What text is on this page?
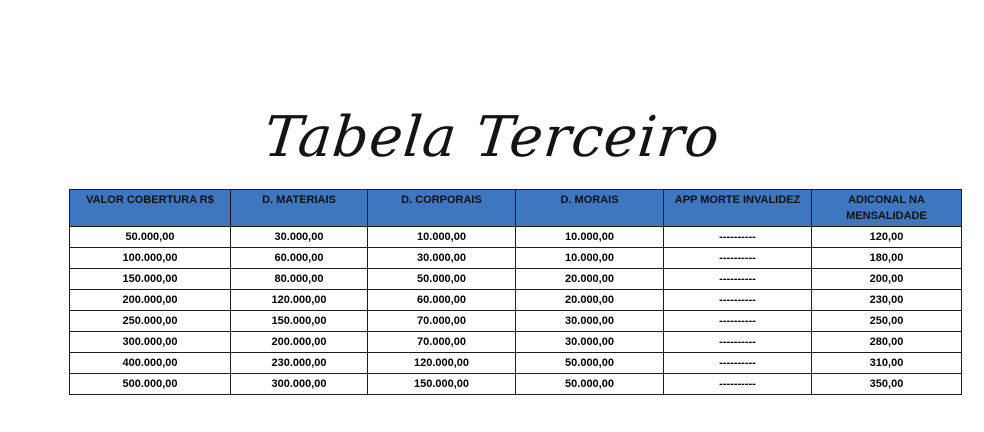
Tabela Terceiro
VALOR COBERTURA R$	D. MATERIAIS	D. CORPORAIS	D. MORAIS	APP MORTE INVALIDEZ	ADICONAL NA MENSALIDADE
50.000,00	30.000,00	10.000,00	10.000,00	----------	120,00
100.000,00	60.000,00	30.000,00	10.000,00	----------	180,00
150.000,00	80.000,00	50.000,00	20.000,00	----------	200,00
200.000,00	120.000,00	60.000,00	20.000,00	----------	230,00
250.000,00	150.000,00	70.000,00	30.000,00	----------	250,00
300.000,00	200.000,00	70.000,00	30.000,00	----------	280,00
400.000,00	230.000,00	120.000,00	50.000,00	----------	310,00
500.000,00	300.000,00	150.000,00	50.000,00	----------	350,00
